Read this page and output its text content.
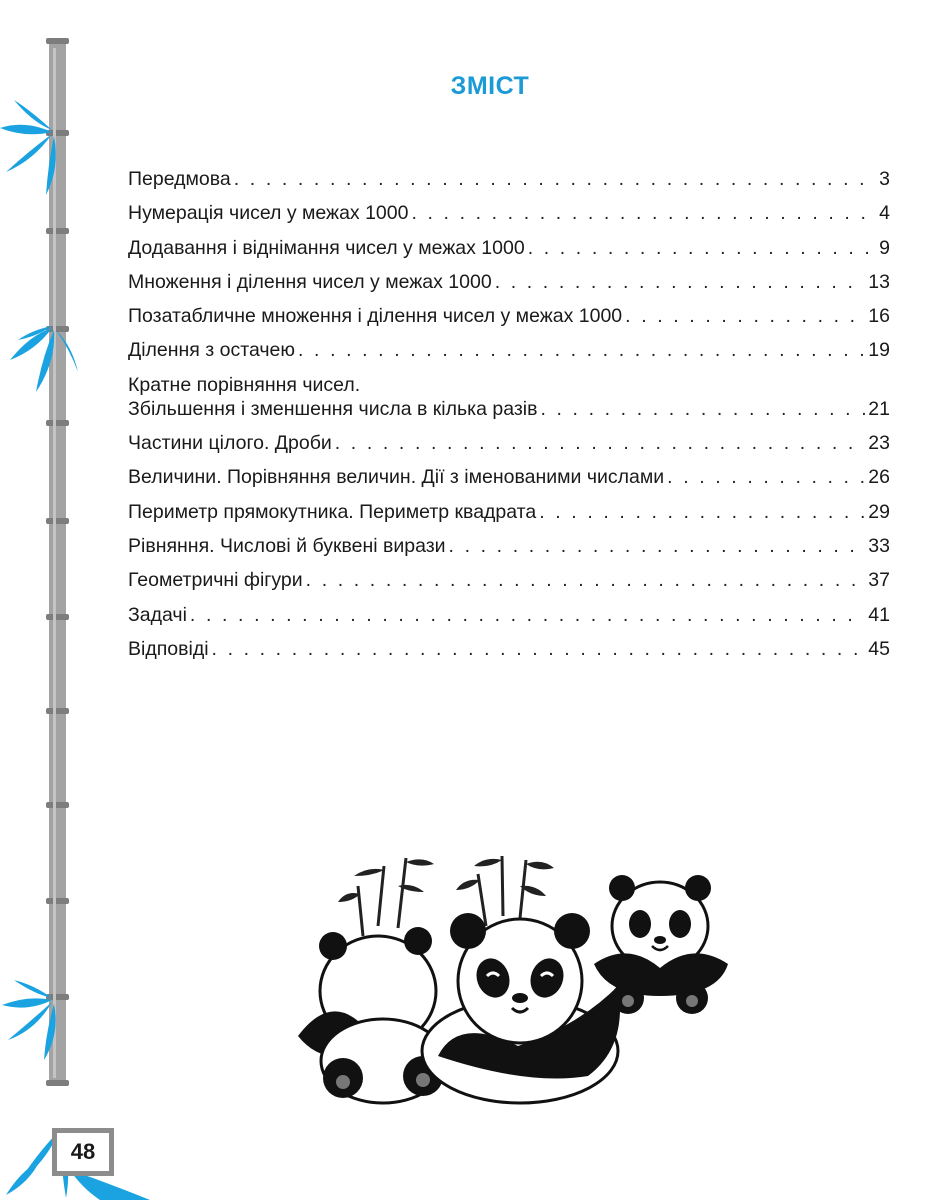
ЗМІСТ
Передмова . . .	3
Нумерація чисел у межах 1000 . . .	4
Додавання і віднімання чисел у межах 1000 . . .	9
Множення і ділення чисел у межах 1000 . . .	13
Позатабличне множення і ділення чисел у межах 1000 . . .	16
Ділення з остачею . . .	19
Кратне порівняння чисел.
Збільшення і зменшення числа в кілька разів . . .	21
Частини цілого. Дроби . . .	23
Величини. Порівняння величин. Дії з іменованими числами . . .	26
Периметр прямокутника. Периметр квадрата . . .	29
Рівняння. Числові й буквені вирази . . .	33
Геометричні фігури . . .	37
Задачі . . .	41
Відповіді . . .	45
48
